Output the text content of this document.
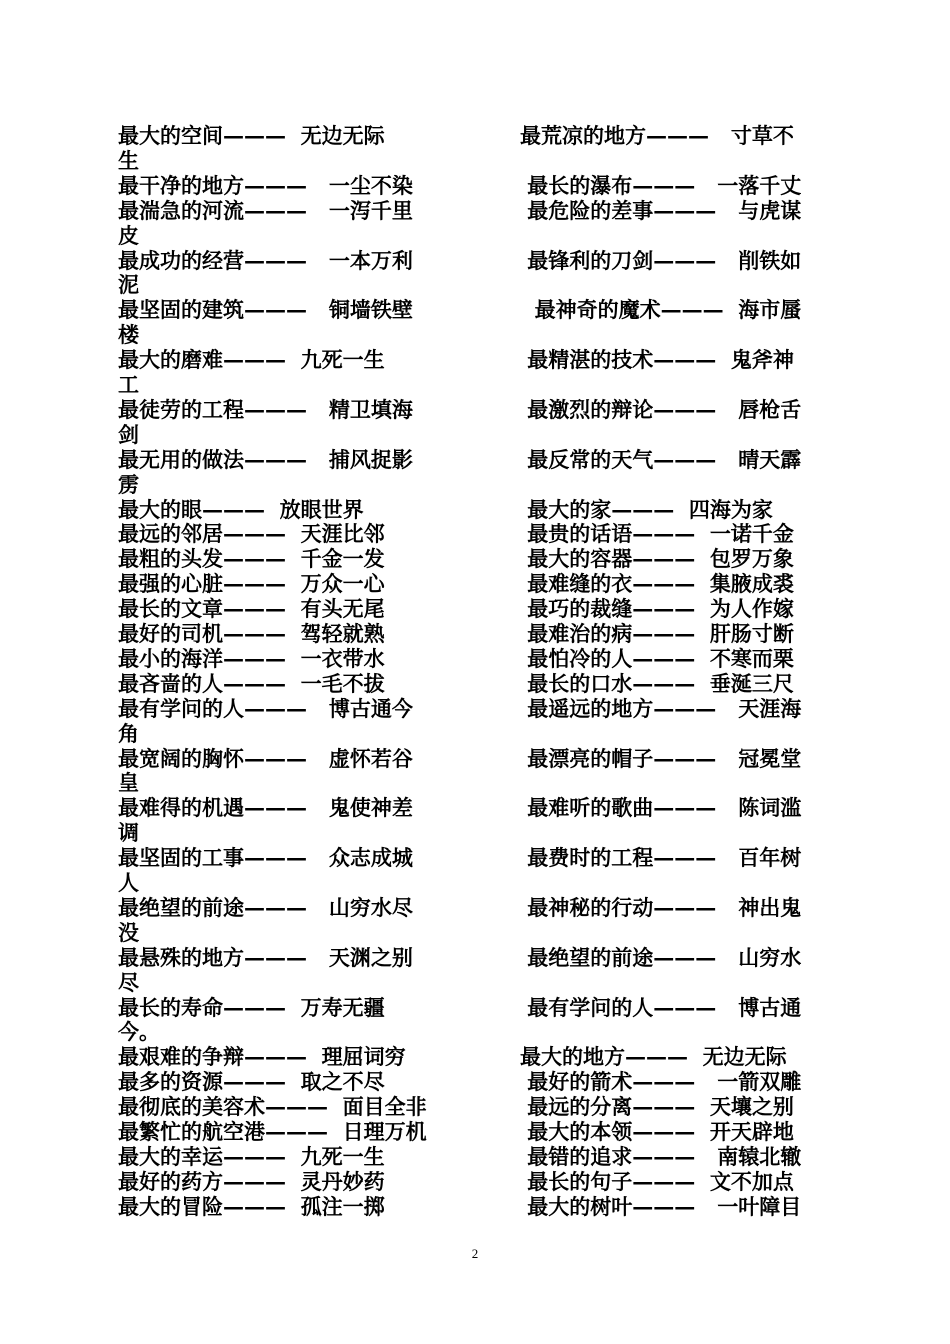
最大的空间———  无边无际	最荒凉的地方———   寸草不
生
最干净的地方———   一尘不染	最长的瀑布———   一落千丈
最湍急的河流———   一泻千里	最危险的差事———   与虎谋
皮
最成功的经营———   一本万利	最锋利的刀剑———   削铁如
泥
最坚固的建筑———   铜墙铁壁	最神奇的魔术———  海市蜃
楼
最大的磨难———  九死一生	最精湛的技术———  鬼斧神
工
最徒劳的工程———   精卫填海	最激烈的辩论———   唇枪舌
剑
最无用的做法———   捕风捉影	最反常的天气———   晴天霹
雳
最大的眼———  放眼世界	最大的家———  四海为家
最远的邻居———  天涯比邻	最贵的话语———  一诺千金
最粗的头发———  千金一发	最大的容器———  包罗万象
最强的心脏———  万众一心	最难缝的衣———  集腋成裘
最长的文章———  有头无尾	最巧的裁缝———  为人作嫁
最好的司机———  驾轻就熟	最难治的病———  肝肠寸断
最小的海洋———  一衣带水	最怕冷的人———  不寒而栗
最吝啬的人———  一毛不拔	最长的口水———  垂涎三尺
最有学问的人———   博古通今	最遥远的地方———   天涯海
角
最宽阔的胸怀———   虚怀若谷	最漂亮的帽子———   冠冕堂
皇
最难得的机遇———   鬼使神差	最难听的歌曲———   陈词滥
调
最坚固的工事———   众志成城	最费时的工程———   百年树
人
最绝望的前途———   山穷水尽	最神秘的行动———   神出鬼
没
最悬殊的地方———   天渊之别	最绝望的前途———   山穷水
尽
最长的寿命———  万寿无疆	最有学问的人———   博古通
今。
最艰难的争辩———  理屈词穷	最大的地方———  无边无际
最多的资源———  取之不尽	最好的箭术———   一箭双雕
最彻底的美容术———  面目全非	最远的分离———  天壤之别
最繁忙的航空港———  日理万机	最大的本领———  开天辟地
最大的幸运———  九死一生	最错的追求———   南辕北辙
最好的药方———  灵丹妙药	最长的句子———  文不加点
最大的冒险———  孤注一掷	最大的树叶———   一叶障目
2
